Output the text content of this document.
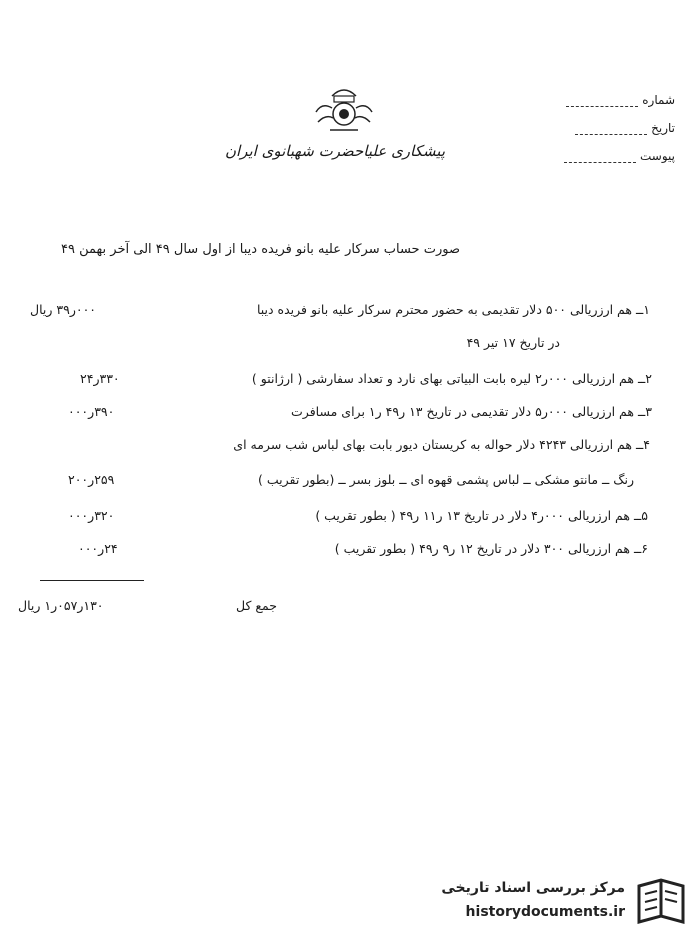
پیشکاری علیاحضرت شهبانوی ایران
شماره
تاریخ
پیوست
صورت حساب سرکار علیه بانو فریده دیبا از اول سال ۴۹ الی آخر بهمن ۴۹
۱ــ هم ارزریالی ۵۰۰ دلار تقدیمی به حضور محترم سرکار علیه بانو فریده دیبا
۰۰۰ر۳۹ ریال
در تاریخ ۱۷ تیر ۴۹
۲ــ هم ارزریالی ۰۰۰ر۲ لیره بابت البیاتی بهای نارد و تعداد سفارشی ( ارژانتو )
۳۳۰ر۲۴
۳ــ هم ارزریالی ۰۰۰ر۵ دلار تقدیمی در تاریخ ۱۳ ر۴۹ ر۱ برای مسافرت
۳۹۰ر۰۰۰
۴ــ هم ارزریالی ۴۲۴۳ دلار حواله به کریستان دیور بابت بهای لباس شب سرمه ای
رنگ ــ مانتو مشکی ــ لباس پشمی قهوه ای ــ بلوز بسر ــ (بطور تقریب )
۲۵۹ر۲۰۰
۵ــ هم ارزریالی ۰۰۰ر۴ دلار در تاریخ ۱۳ ر۱۱ ر۴۹ ( بطور تقریب )
۳۲۰ر۰۰۰
۶ــ هم ارزریالی ۳۰۰ دلار در تاریخ ۱۲ ر۹ ر۴۹ ( بطور تقریب )
۲۴ر۰۰۰
جمع کل
۱۳۰ر۰۵۷ر۱ ریال
مرکز بررسی اسناد تاریخی
historydocuments.ir
